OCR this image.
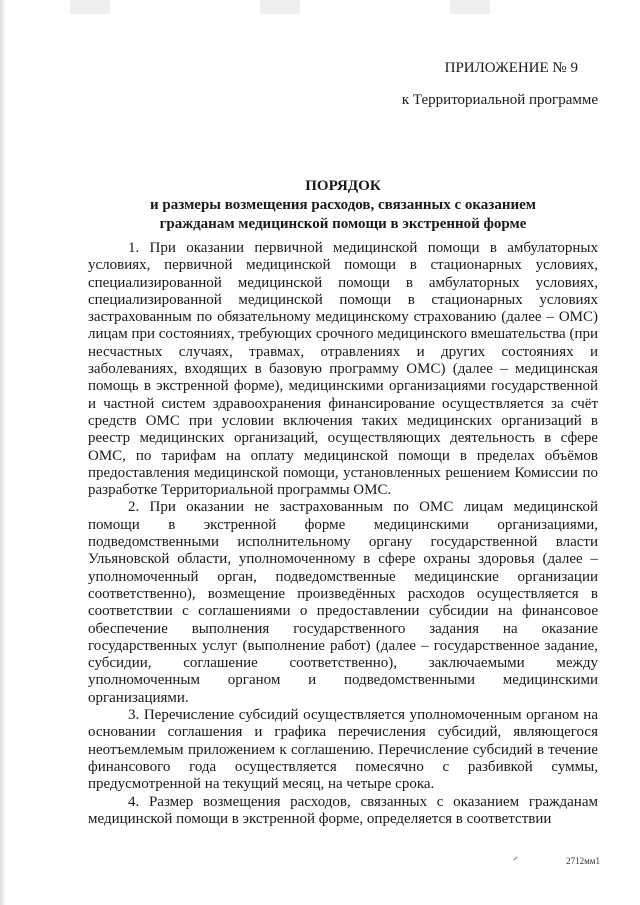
ПРИЛОЖЕНИЕ № 9
к Территориальной программе
ПОРЯДОК
и размеры возмещения расходов, связанных с оказанием
гражданам медицинской помощи в экстренной форме

1. При оказании первичной медицинской помощи в амбулаторных условиях, первичной медицинской помощи в стационарных условиях, специализированной медицинской помощи в амбулаторных условиях, специализированной медицинской помощи в стационарных условиях застрахованным по обязательному медицинскому страхованию (далее – ОМС) лицам при состояниях, требующих срочного медицинского вмешательства (при несчастных случаях, травмах, отравлениях и других состояниях и заболеваниях, входящих в базовую программу ОМС) (далее – медицинская помощь в экстренной форме), медицинскими организациями государственной и частной систем здравоохранения финансирование осуществляется за счёт средств ОМС при условии включения таких медицинских организаций в реестр медицинских организаций, осуществляющих деятельность в сфере ОМС, по тарифам на оплату медицинской помощи в пределах объёмов предоставления медицинской помощи, установленных решением Комиссии по разработке Территориальной программы ОМС.

2. При оказании не застрахованным по ОМС лицам медицинской помощи в экстренной форме медицинскими организациями, подведомственными исполнительному органу государственной власти Ульяновской области, уполномоченному в сфере охраны здоровья (далее – уполномоченный орган, подведомственные медицинские организации соответственно), возмещение произведённых расходов осуществляется в соответствии с соглашениями о предоставлении субсидии на финансовое обеспечение выполнения государственного задания на оказание государственных услуг (выполнение работ) (далее – государственное задание, субсидии, соглашение соответственно), заключаемыми между уполномоченным органом и подведомственными медицинскими организациями.

3. Перечисление субсидий осуществляется уполномоченным органом на основании соглашения и графика перечисления субсидий, являющегося неотъемлемым приложением к соглашению. Перечисление субсидий в течение финансового года осуществляется помесячно с разбивкой суммы, предусмотренной на текущий месяц, на четыре срока.

4. Размер возмещения расходов, связанных с оказанием гражданам медицинской помощи в экстренной форме, определяется в соответствии

2712мм1
